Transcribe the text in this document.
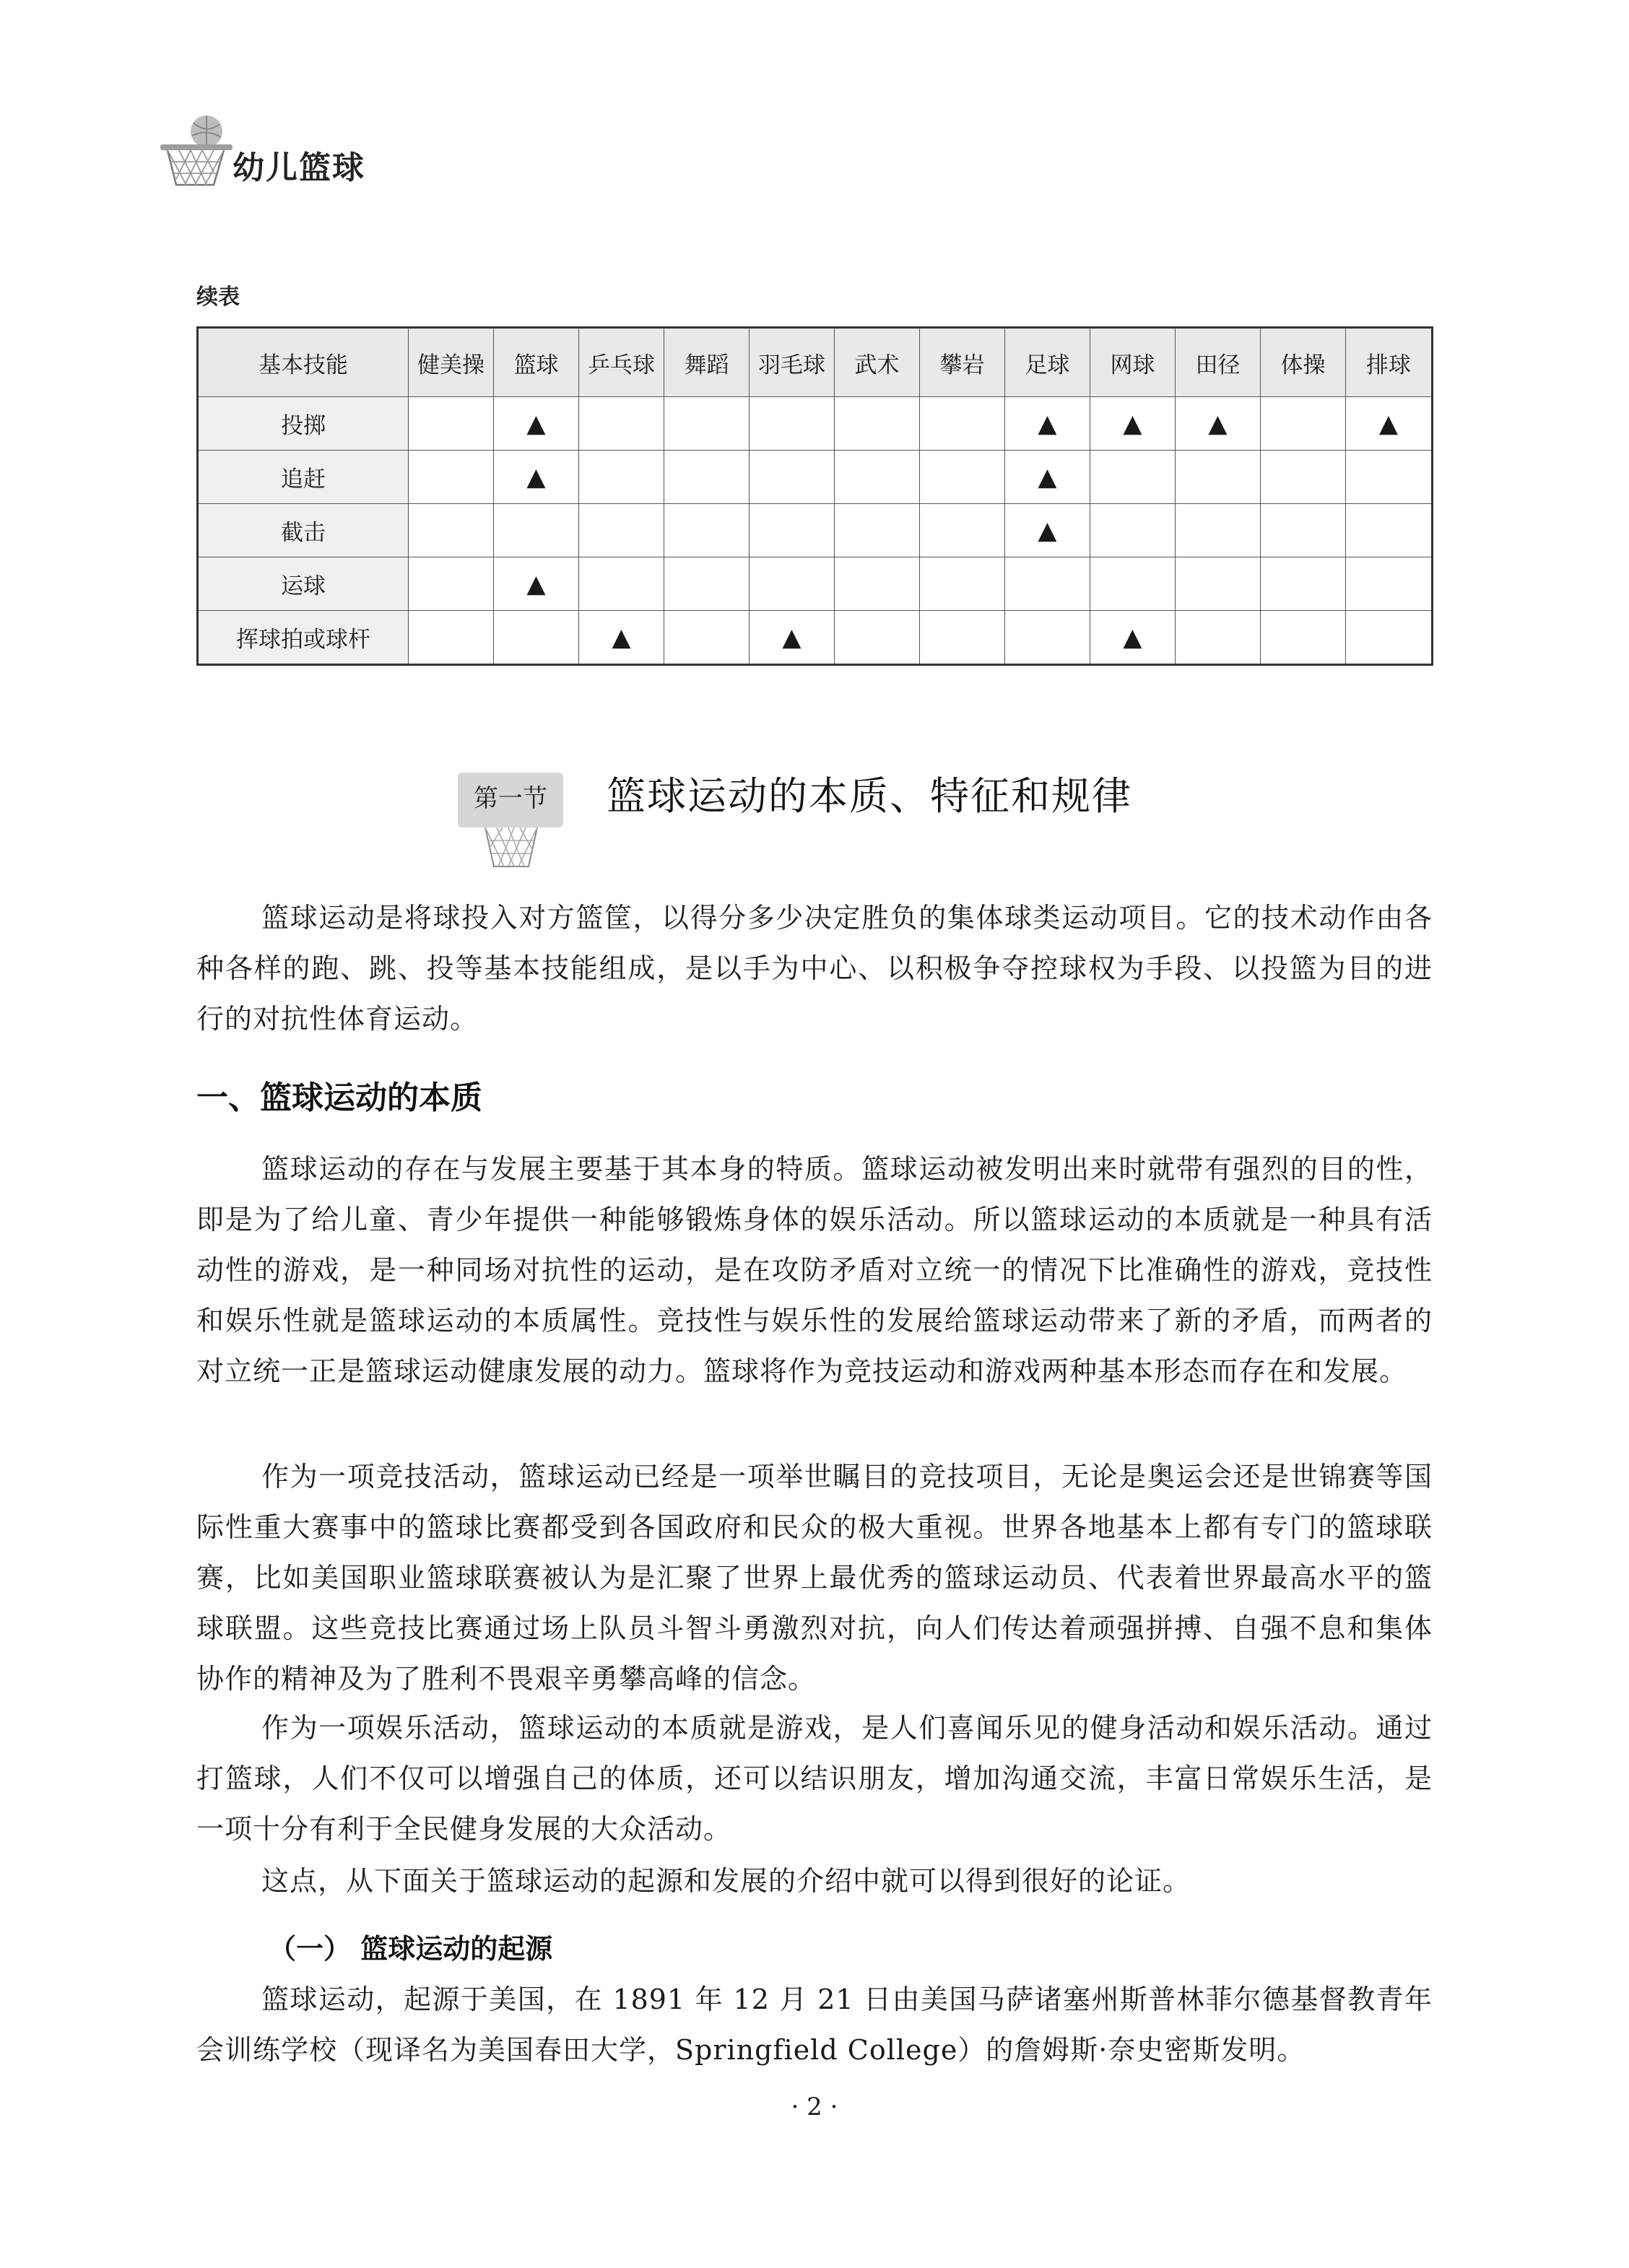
幼儿篮球
续表
基本技能	健美操	篮球	乒乓球	舞蹈	羽毛球	武术	攀岩	足球	网球	田径	体操	排球
投掷		▲						▲	▲	▲		▲
追赶		▲						▲				
截击								▲				
运球		▲										
挥球拍或球杆			▲		▲				▲			
第一节	篮球运动的本质、特征和规律
篮球运动是将球投入对方篮筐，以得分多少决定胜负的集体球类运动项目。它的技术动作由各种各样的跑、跳、投等基本技能组成，是以手为中心、以积极争夺控球权为手段、以投篮为目的进行的对抗性体育运动。
一、篮球运动的本质
篮球运动的存在与发展主要基于其本身的特质。篮球运动被发明出来时就带有强烈的目的性，即是为了给儿童、青少年提供一种能够锻炼身体的娱乐活动。所以篮球运动的本质就是一种具有活动性的游戏，是一种同场对抗性的运动，是在攻防矛盾对立统一的情况下比准确性的游戏，竞技性和娱乐性就是篮球运动的本质属性。竞技性与娱乐性的发展给篮球运动带来了新的矛盾，而两者的对立统一正是篮球运动健康发展的动力。篮球将作为竞技运动和游戏两种基本形态而存在和发展。
作为一项竞技活动，篮球运动已经是一项举世瞩目的竞技项目，无论是奥运会还是世锦赛等国际性重大赛事中的篮球比赛都受到各国政府和民众的极大重视。世界各地基本上都有专门的篮球联赛，比如美国职业篮球联赛被认为是汇聚了世界上最优秀的篮球运动员、代表着世界最高水平的篮球联盟。这些竞技比赛通过场上队员斗智斗勇激烈对抗，向人们传达着顽强拼搏、自强不息和集体协作的精神及为了胜利不畏艰辛勇攀高峰的信念。
作为一项娱乐活动，篮球运动的本质就是游戏，是人们喜闻乐见的健身活动和娱乐活动。通过打篮球，人们不仅可以增强自己的体质，还可以结识朋友，增加沟通交流，丰富日常娱乐生活，是一项十分有利于全民健身发展的大众活动。
这点，从下面关于篮球运动的起源和发展的介绍中就可以得到很好的论证。
（一） 篮球运动的起源
篮球运动，起源于美国，在 1891 年 12 月 21 日由美国马萨诸塞州斯普林菲尔德基督教青年会训练学校（现译名为美国春田大学，Springfield College）的詹姆斯·奈史密斯发明。
· 2 ·
